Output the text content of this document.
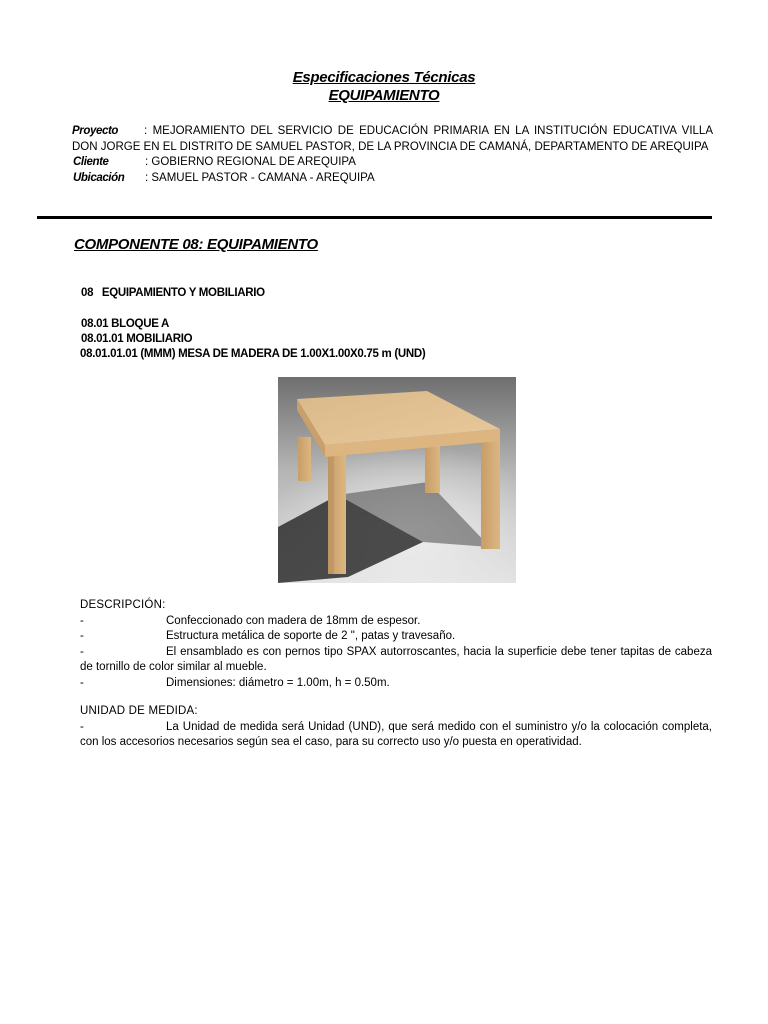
Especificaciones Técnicas
EQUIPAMIENTO
Proyecto : MEJORAMIENTO DEL SERVICIO DE EDUCACIÓN PRIMARIA EN LA INSTITUCIÓN EDUCATIVA VILLA DON JORGE EN EL DISTRITO DE SAMUEL PASTOR, DE LA PROVINCIA DE CAMANÁ, DEPARTAMENTO DE AREQUIPA
Cliente	: GOBIERNO REGIONAL DE AREQUIPA
Ubicación : SAMUEL PASTOR - CAMANA - AREQUIPA
COMPONENTE 08: EQUIPAMIENTO
08   EQUIPAMIENTO Y MOBILIARIO
08.01 BLOQUE A
08.01.01 MOBILIARIO
08.01.01.01 (MMM) MESA DE MADERA DE 1.00X1.00X0.75 m (UND)
DESCRIPCIÓN:
-	Confeccionado con madera de 18mm de espesor.
-	Estructura metálica de soporte de 2 ", patas y travesaño.
-	El ensamblado es con pernos tipo SPAX autorroscantes, hacia la superficie debe tener tapitas de cabeza de tornillo de color similar al mueble.
-	Dimensiones: diámetro = 1.00m, h = 0.50m.
UNIDAD DE MEDIDA:
-	La Unidad de medida será Unidad (UND), que será medido con el suministro y/o la colocación completa, con los accesorios necesarios según sea el caso, para su correcto uso y/o puesta en operatividad.
